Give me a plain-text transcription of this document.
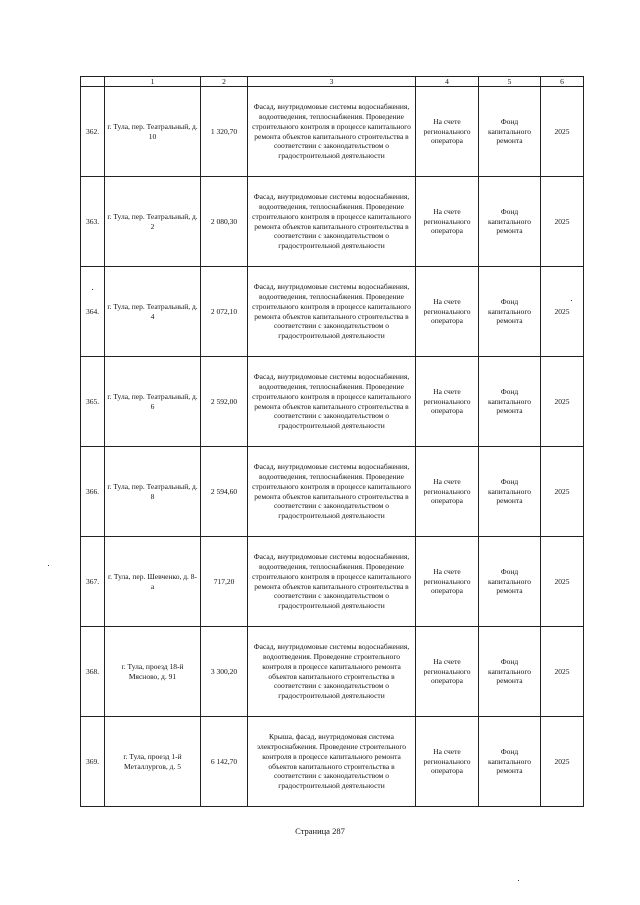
	1	2	3	4	5	6
362.	г. Тула, пер. Театральный, д. 10	1 320,70	Фасад, внутридомовые системы водоснабжения, водоотведения, теплоснабжения. Проведение строительного контроля в процессе капитального ремонта объектов капитального строительства в соответствии с законодательством о градостроительной деятельности	На счете регионального оператора	Фонд капитального ремонта	2025
363.	г. Тула, пер. Театральный, д. 2	2 080,30	Фасад, внутридомовые системы водоснабжения, водоотведения, теплоснабжения. Проведение строительного контроля в процессе капитального ремонта объектов капитального строительства в соответствии с законодательством о градостроительной деятельности	На счете регионального оператора	Фонд капитального ремонта	2025
364.	г. Тула, пер. Театральный, д. 4	2 072,10	Фасад, внутридомовые системы водоснабжения, водоотведения, теплоснабжения. Проведение строительного контроля в процессе капитального ремонта объектов капитального строительства в соответствии с законодательством о градостроительной деятельности	На счете регионального оператора	Фонд капитального ремонта	2025
365.	г. Тула, пер. Театральный, д. 6	2 592,00	Фасад, внутридомовые системы водоснабжения, водоотведения, теплоснабжения. Проведение строительного контроля в процессе капитального ремонта объектов капитального строительства в соответствии с законодательством о градостроительной деятельности	На счете регионального оператора	Фонд капитального ремонта	2025
366.	г. Тула, пер. Театральный, д. 8	2 594,60	Фасад, внутридомовые системы водоснабжения, водоотведения, теплоснабжения. Проведение строительного контроля в процессе капитального ремонта объектов капитального строительства в соответствии с законодательством о градостроительной деятельности	На счете регионального оператора	Фонд капитального ремонта	2025
367.	г. Тула, пер. Шевченко, д. 8-а	717,20	Фасад, внутридомовые системы водоснабжения, водоотведения, теплоснабжения. Проведение строительного контроля в процессе капитального ремонта объектов капитального строительства в соответствии с законодательством о градостроительной деятельности	На счете регионального оператора	Фонд капитального ремонта	2025
368.	г. Тула, проезд 18-й Мясново, д. 91	3 300,20	Фасад, внутридомовые системы водоснабжения, водоотведения. Проведение строительного контроля в процессе капитального ремонта объектов капитального строительства в соответствии с законодательством о градостроительной деятельности	На счете регионального оператора	Фонд капитального ремонта	2025
369.	г. Тула, проезд 1-й Металлургов, д. 5	6 142,70	Крыша, фасад, внутридомовая система электроснабжения. Проведение строительного контроля в процессе капитального ремонта объектов капитального строительства в соответствии с законодательством о градостроительной деятельности	На счете регионального оператора	Фонд капитального ремонта	2025
Страница 287
